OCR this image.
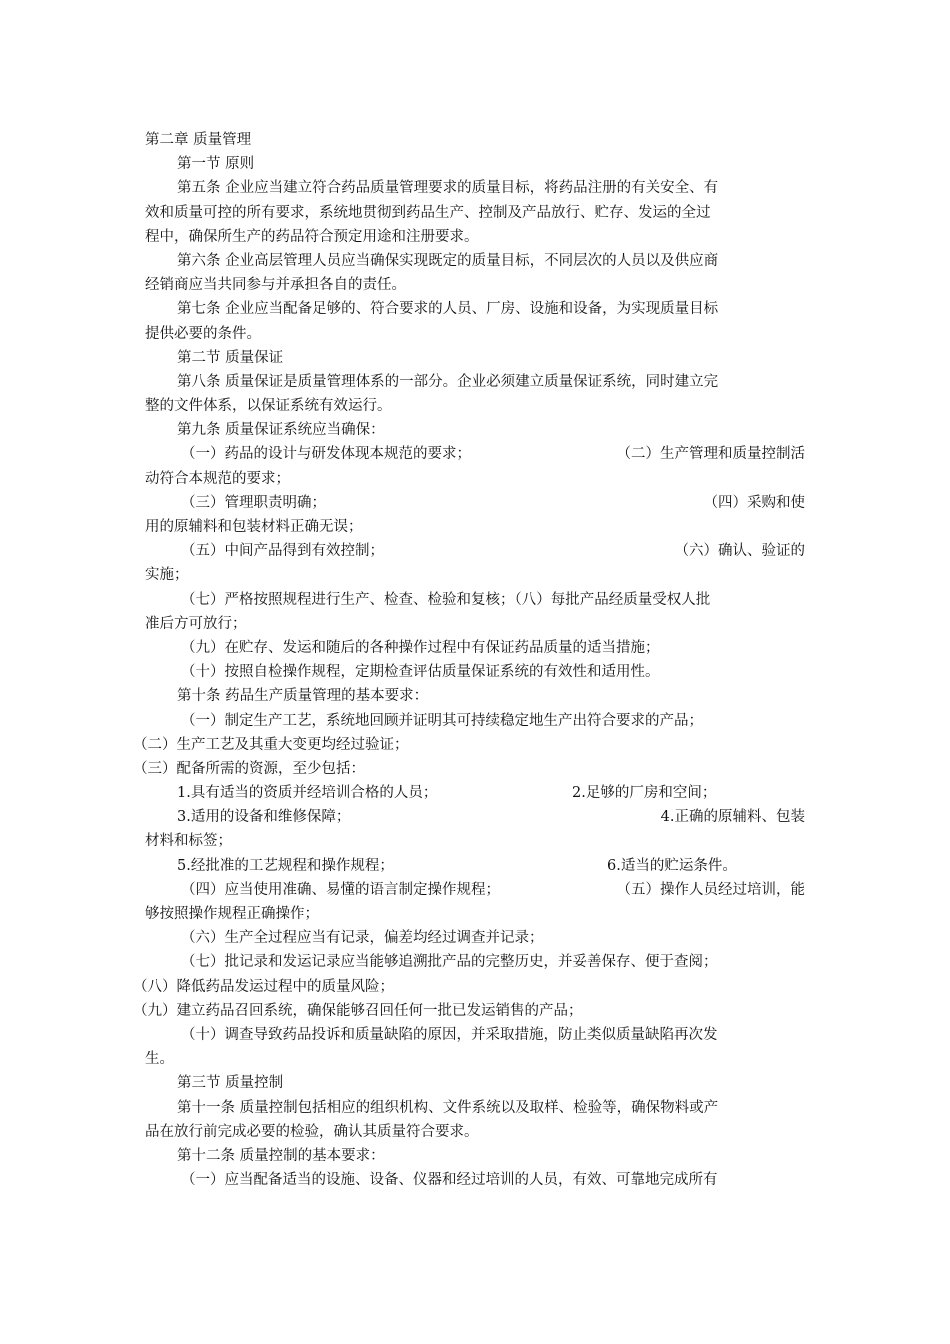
第二章 质量管理
第一节 原则
第五条 企业应当建立符合药品质量管理要求的质量目标，将药品注册的有关安全、有
效和质量可控的所有要求，系统地贯彻到药品生产、控制及产品放行、贮存、发运的全过
程中，确保所生产的药品符合预定用途和注册要求。
第六条 企业高层管理人员应当确保实现既定的质量目标，不同层次的人员以及供应商
经销商应当共同参与并承担各自的责任。
第七条 企业应当配备足够的、符合要求的人员、厂房、设施和设备，为实现质量目标
提供必要的条件。
第二节 质量保证
第八条 质量保证是质量管理体系的一部分。企业必须建立质量保证系统，同时建立完
整的文件体系，以保证系统有效运行。
第九条 质量保证系统应当确保：
（一）药品的设计与研发体现本规范的要求；	（二）生产管理和质量控制活
动符合本规范的要求；
（三）管理职责明确；	（四）采购和使
用的原辅料和包装材料正确无误；
（五）中间产品得到有效控制；	（六）确认、验证的
实施；
（七）严格按照规程进行生产、检查、检验和复核；（八）每批产品经质量受权人批
准后方可放行；
（九）在贮存、发运和随后的各种操作过程中有保证药品质量的适当措施；
（十）按照自检操作规程，定期检查评估质量保证系统的有效性和适用性。
第十条 药品生产质量管理的基本要求：
（一）制定生产工艺，系统地回顾并证明其可持续稳定地生产出符合要求的产品；
（二）生产工艺及其重大变更均经过验证；
（三）配备所需的资源，至少包括：
1.具有适当的资质并经培训合格的人员；	2.足够的厂房和空间；
3.适用的设备和维修保障；	4.正确的原辅料、包装
材料和标签；
5.经批准的工艺规程和操作规程；	6.适当的贮运条件。
（四）应当使用准确、易懂的语言制定操作规程；	（五）操作人员经过培训，能
够按照操作规程正确操作；
（六）生产全过程应当有记录，偏差均经过调查并记录；
（七）批记录和发运记录应当能够追溯批产品的完整历史，并妥善保存、便于查阅；
（八）降低药品发运过程中的质量风险；
（九）建立药品召回系统，确保能够召回任何一批已发运销售的产品；
（十）调查导致药品投诉和质量缺陷的原因，并采取措施，防止类似质量缺陷再次发
生。
第三节 质量控制
第十一条 质量控制包括相应的组织机构、文件系统以及取样、检验等，确保物料或产
品在放行前完成必要的检验，确认其质量符合要求。
第十二条 质量控制的基本要求：
（一）应当配备适当的设施、设备、仪器和经过培训的人员，有效、可靠地完成所有
